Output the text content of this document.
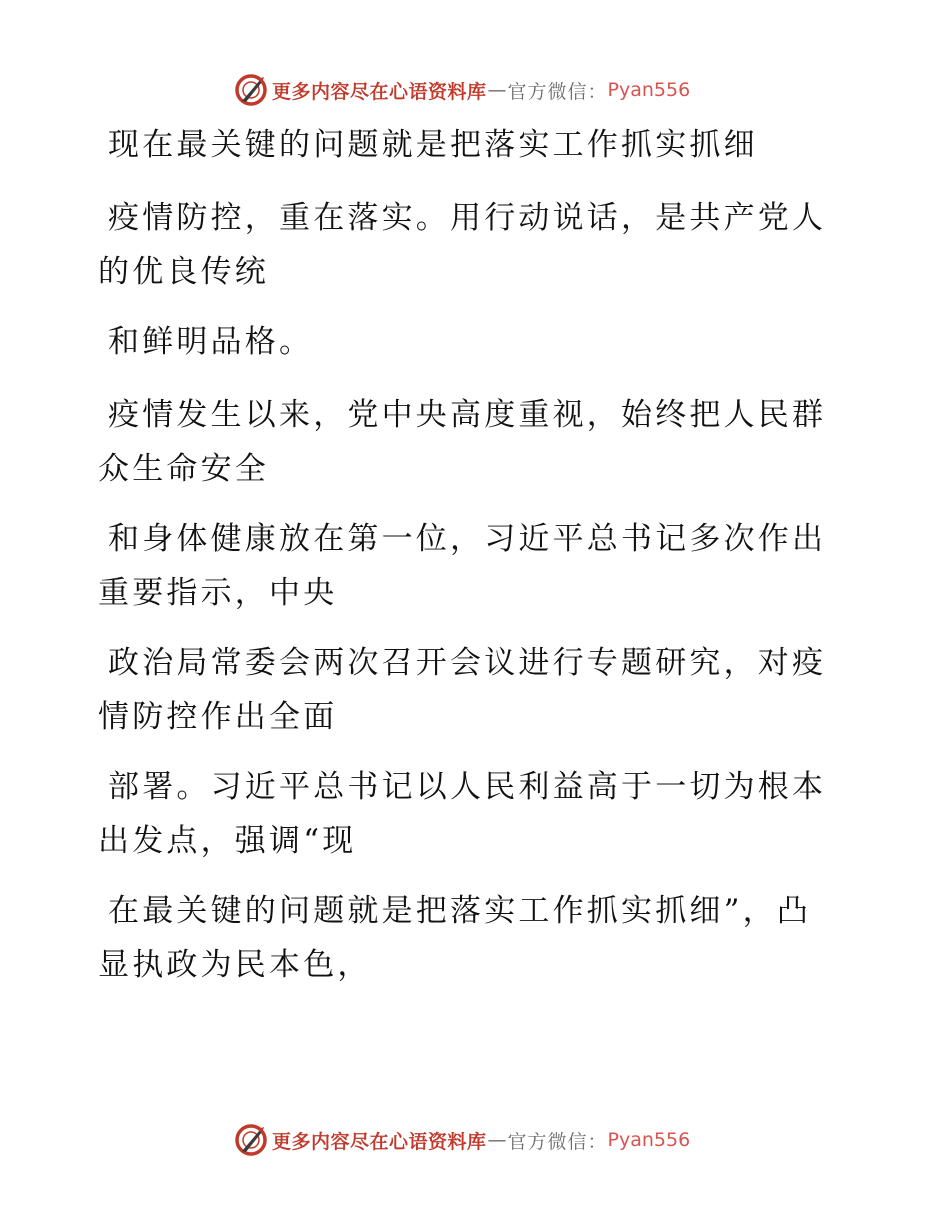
更多内容尽在心语资料库 — 官方微信： Pyan556

现在最关键的问题就是把落实工作抓实抓细

疫情防控，重在落实。用行动说话，是共产党人的优良传统

和鲜明品格。

疫情发生以来，党中央高度重视，始终把人民群众生命安全

和身体健康放在第一位，习近平总书记多次作出重要指示，中央

政治局常委会两次召开会议进行专题研究，对疫情防控作出全面

部署。习近平总书记以人民利益高于一切为根本出发点，强调“现

在最关键的问题就是把落实工作抓实抓细”，凸显执政为民本色，

更多内容尽在心语资料库 — 官方微信： Pyan556
